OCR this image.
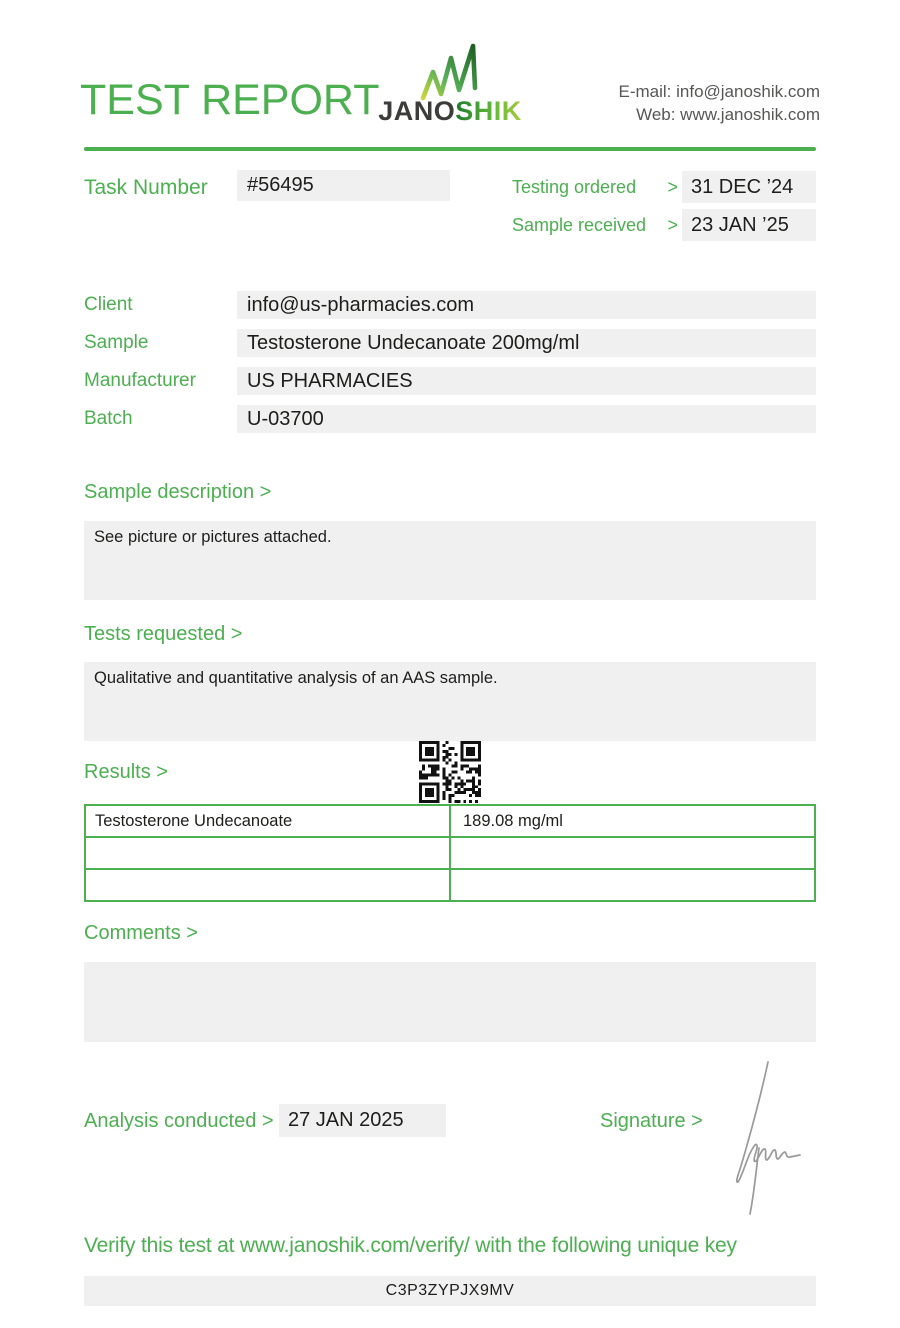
TEST REPORT
JANOSHIK
E-mail: info@janoshik.com
Web: www.janoshik.com
Task Number	#56495	Testing ordered > 31 DEC ’24
Sample received > 23 JAN ’25
Client	info@us-pharmacies.com
Sample	Testosterone Undecanoate 200mg/ml
Manufacturer	US PHARMACIES
Batch	U-03700
Sample description >
See picture or pictures attached.
Tests requested >
Qualitative and quantitative analysis of an AAS sample.
Results >
Testosterone Undecanoate	189.08 mg/ml
Comments >
Analysis conducted > 27 JAN 2025	Signature >
Verify this test at www.janoshik.com/verify/ with the following unique key
C3P3ZYPJX9MV
